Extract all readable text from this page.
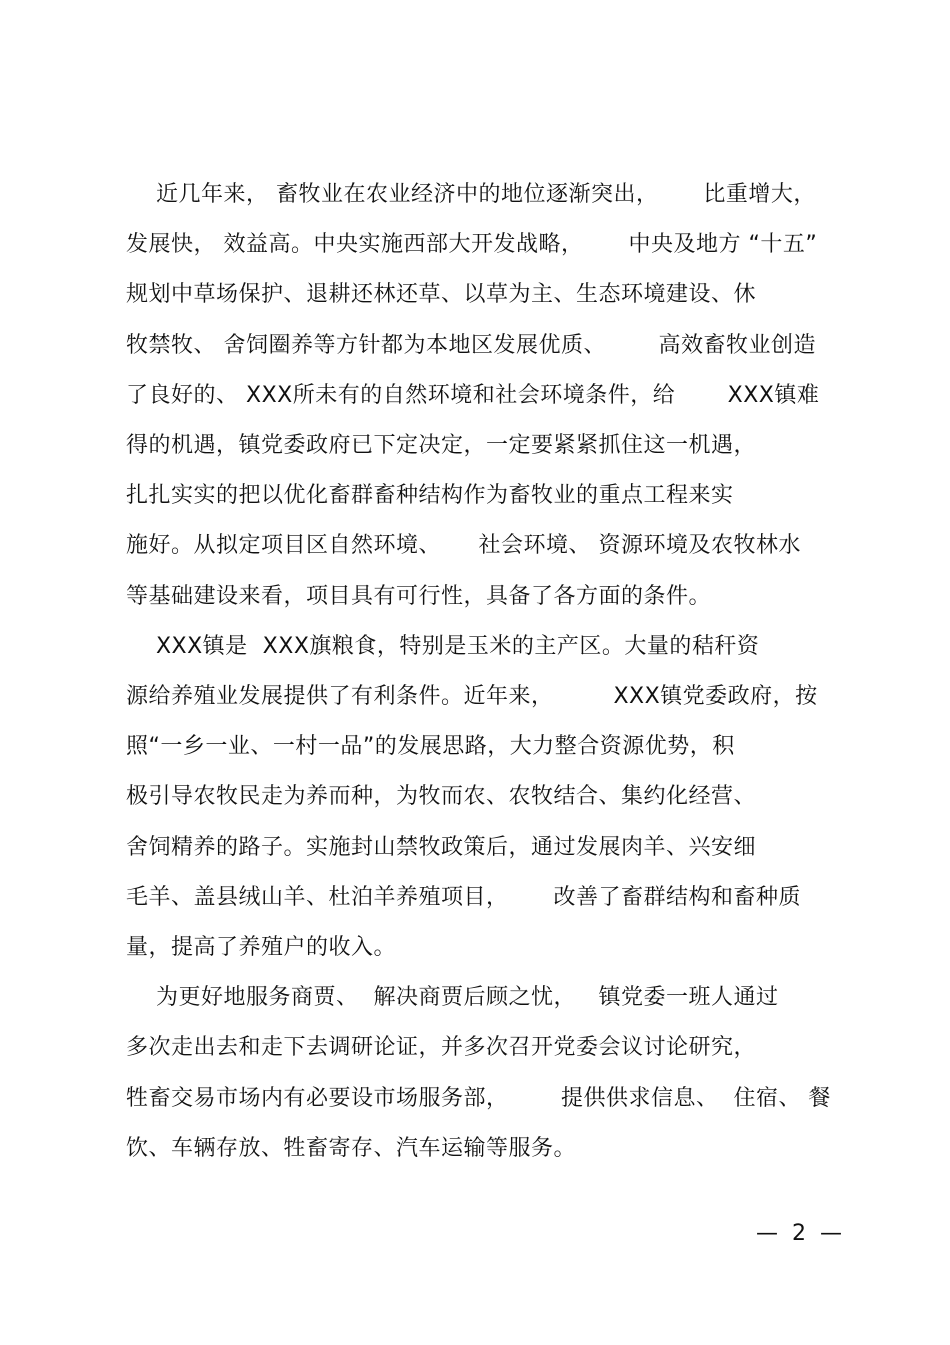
近几年来， 畜牧业在农业经济中的地位逐渐突出，      比重增大，
发展快， 效益高。中央实施西部大开发战略，      中央及地方 “十五”
规划中草场保护、退耕还林还草、以草为主、生态环境建设、休
牧禁牧、 舍饲圈养等方针都为本地区发展优质、       高效畜牧业创造
了良好的、 XXX所未有的自然环境和社会环境条件，给       XXX镇难
得的机遇，镇党委政府已下定决定，一定要紧紧抓住这一机遇，
扎扎实实的把以优化畜群畜种结构作为畜牧业的重点工程来实
施好。从拟定项目区自然环境、     社会环境、 资源环境及农牧林水
等基础建设来看，项目具有可行性，具备了各方面的条件。
XXX镇是  XXX旗粮食，特别是玉米的主产区。大量的秸秆资
源给养殖业发展提供了有利条件。近年来，        XXX镇党委政府，按
照“一乡一业、一村一品”的发展思路，大力整合资源优势，积
极引导农牧民走为养而种，为牧而农、农牧结合、集约化经营、
舍饲精养的路子。实施封山禁牧政策后，通过发展肉羊、兴安细
毛羊、盖县绒山羊、杜泊羊养殖项目，      改善了畜群结构和畜种质
量，提高了养殖户的收入。
为更好地服务商贾、  解决商贾后顾之忧，   镇党委一班人通过
多次走出去和走下去调研论证，并多次召开党委会议讨论研究，
牲畜交易市场内有必要设市场服务部，       提供供求信息、  住宿、 餐
饮、车辆存放、牲畜寄存、汽车运输等服务。
—  2  —
